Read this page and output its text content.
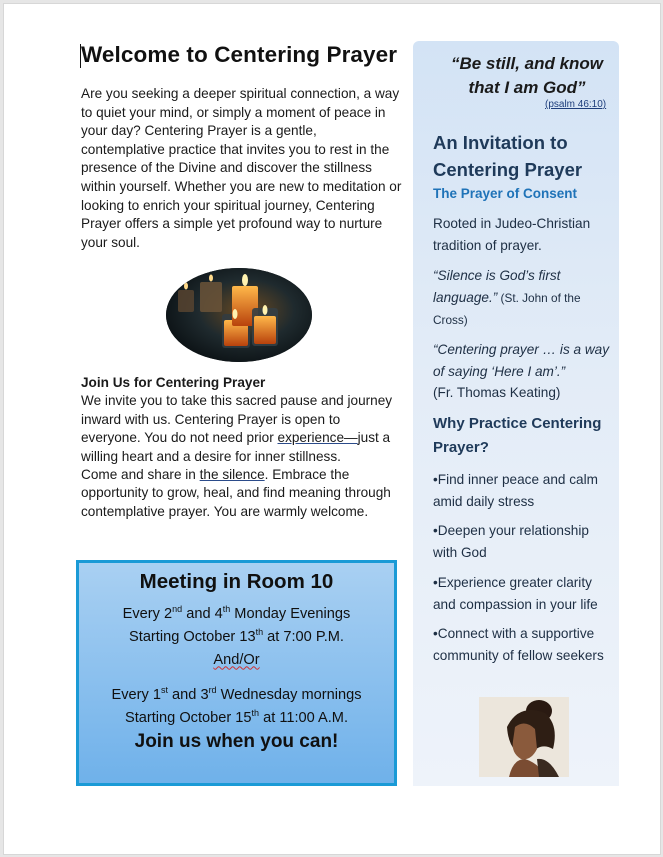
Welcome to Centering Prayer
Are you seeking a deeper spiritual connection, a way to quiet your mind, or simply a moment of peace in your day? Centering Prayer is a gentle, contemplative practice that invites you to rest in the presence of the Divine and discover the stillness within yourself. Whether you are new to meditation or looking to enrich your spiritual journey, Centering Prayer offers a simple yet profound way to nurture your soul.
Join Us for Centering Prayer
We invite you to take this sacred pause and journey inward with us. Centering Prayer is open to everyone. You do not need prior experience—just a willing heart and a desire for inner stillness.
Come and share in the silence. Embrace the opportunity to grow, heal, and find meaning through contemplative prayer. You are warmly welcome.
Meeting in Room 10
Every 2nd and 4th Monday Evenings
Starting October 13th at 7:00 P.M.
And/Or
Every 1st and 3rd Wednesday mornings
Starting October 15th at 11:00 A.M.
Join us when you can!
“Be still, and know that I am God”
(psalm 46:10)
An Invitation to Centering Prayer
The Prayer of Consent
Rooted in Judeo-Christian tradition of prayer.
“Silence is God’s first language.” (St. John of the Cross)
“Centering prayer … is a way of saying ‘Here I am’.”
(Fr. Thomas Keating)
Why Practice Centering Prayer?
•Find inner peace and calm amid daily stress
•Deepen your relationship with God
•Experience greater clarity and compassion in your life
•Connect with a supportive community of fellow seekers
